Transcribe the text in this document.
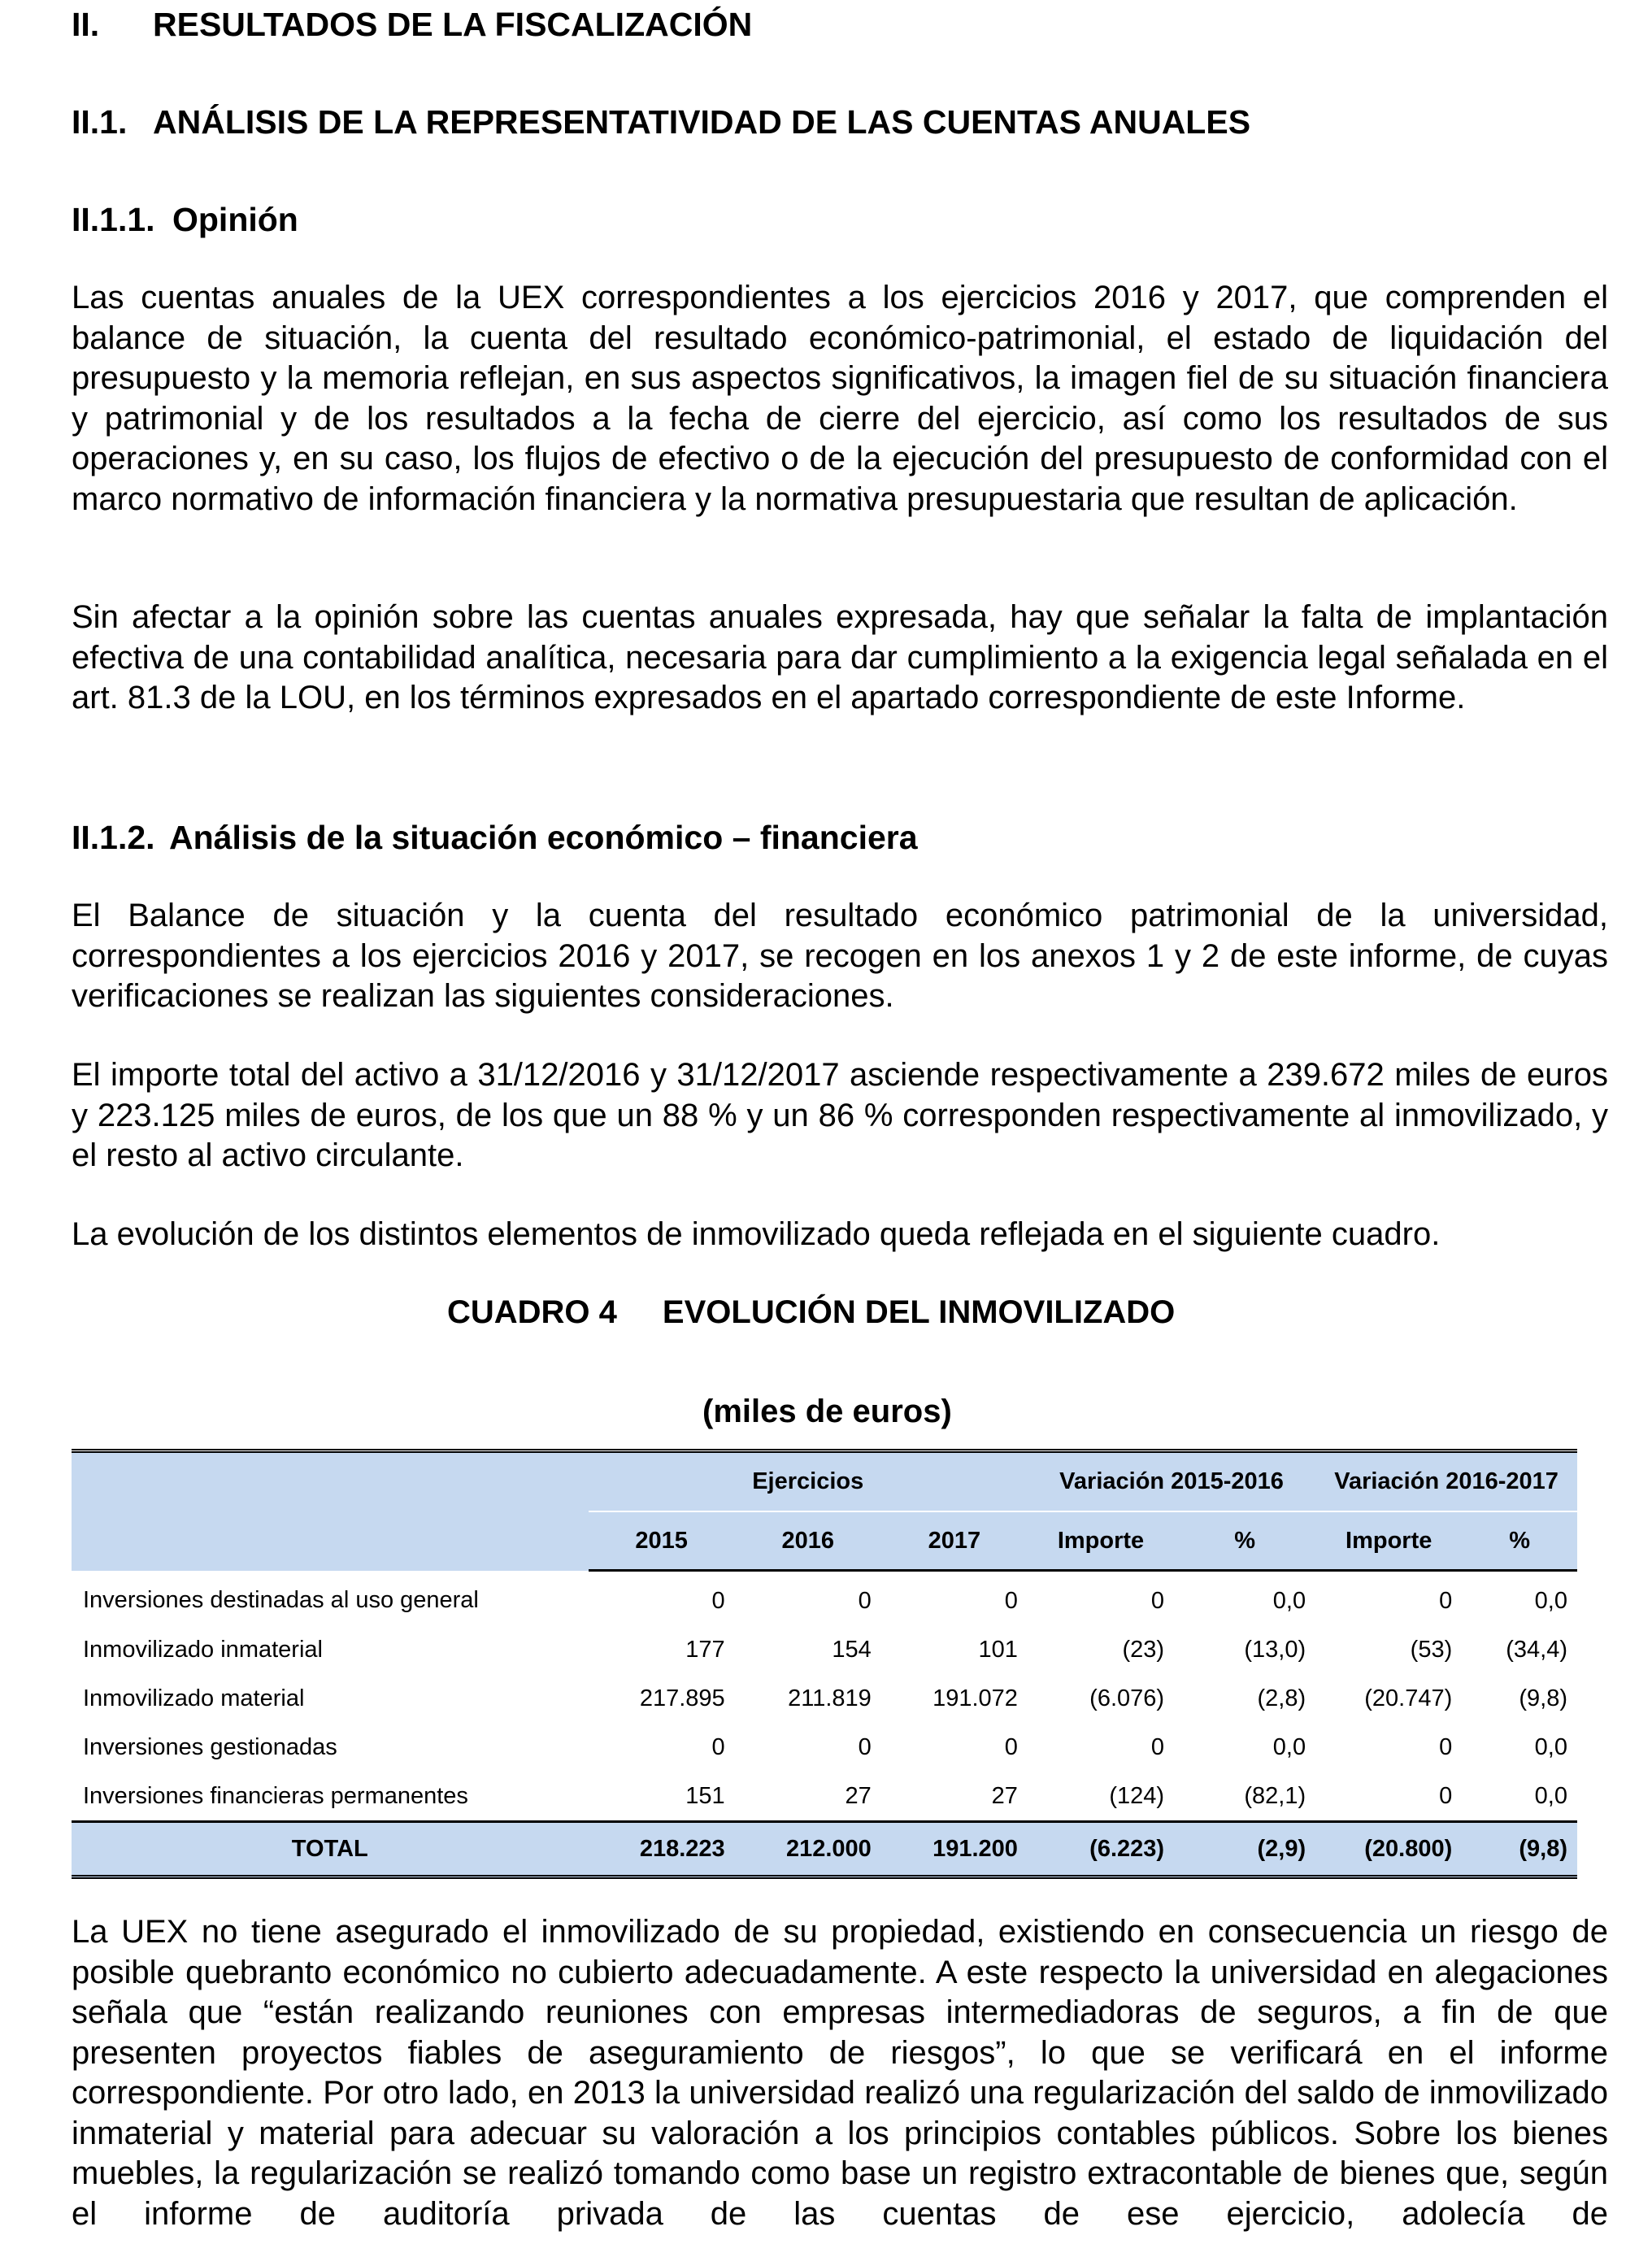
II. RESULTADOS DE LA FISCALIZACIÓN
II.1. ANÁLISIS DE LA REPRESENTATIVIDAD DE LAS CUENTAS ANUALES
II.1.1. Opinión

Las cuentas anuales de la UEX correspondientes a los ejercicios 2016 y 2017, que comprenden el balance de situación, la cuenta del resultado económico-patrimonial, el estado de liquidación del presupuesto y la memoria reflejan, en sus aspectos significativos, la imagen fiel de su situación financiera y patrimonial y de los resultados a la fecha de cierre del ejercicio, así como los resultados de sus operaciones y, en su caso, los flujos de efectivo o de la ejecución del presupuesto de conformidad con el marco normativo de información financiera y la normativa presupuestaria que resultan de aplicación.

Sin afectar a la opinión sobre las cuentas anuales expresada, hay que señalar la falta de implantación efectiva de una contabilidad analítica, necesaria para dar cumplimiento a la exigencia legal señalada en el art. 81.3 de la LOU, en los términos expresados en el apartado correspondiente de este Informe.

II.1.2. Análisis de la situación económico – financiera

El Balance de situación y la cuenta del resultado económico patrimonial de la universidad, correspondientes a los ejercicios 2016 y 2017, se recogen en los anexos 1 y 2 de este informe, de cuyas verificaciones se realizan las siguientes consideraciones.

El importe total del activo a 31/12/2016 y 31/12/2017 asciende respectivamente a 239.672 miles de euros y 223.125 miles de euros, de los que un 88 % y un 86 % corresponden respectivamente al inmovilizado, y el resto al activo circulante.

La evolución de los distintos elementos de inmovilizado queda reflejada en el siguiente cuadro.

CUADRO 4 EVOLUCIÓN DEL INMOVILIZADO
(miles de euros)
	Ejercicios			Variación 2015-2016		Variación 2016-2017	
	2015	2016	2017	Importe	%	Importe	%
Inversiones destinadas al uso general	0	0	0	0	0,0	0	0,0
Inmovilizado inmaterial	177	154	101	(23)	(13,0)	(53)	(34,4)
Inmovilizado material	217.895	211.819	191.072	(6.076)	(2,8)	(20.747)	(9,8)
Inversiones gestionadas	0	0	0	0	0,0	0	0,0
Inversiones financieras permanentes	151	27	27	(124)	(82,1)	0	0,0
TOTAL	218.223	212.000	191.200	(6.223)	(2,9)	(20.800)	(9,8)

La UEX no tiene asegurado el inmovilizado de su propiedad, existiendo en consecuencia un riesgo de posible quebranto económico no cubierto adecuadamente. A este respecto la universidad en alegaciones señala que “están realizando reuniones con empresas intermediadoras de seguros, a fin de que presenten proyectos fiables de aseguramiento de riesgos”, lo que se verificará en el informe correspondiente. Por otro lado, en 2013 la universidad realizó una regularización del saldo de inmovilizado inmaterial y material para adecuar su valoración a los principios contables públicos. Sobre los bienes muebles, la regularización se realizó tomando como base un registro extracontable de bienes que, según el informe de auditoría privada de las cuentas de ese ejercicio, adolecía de
